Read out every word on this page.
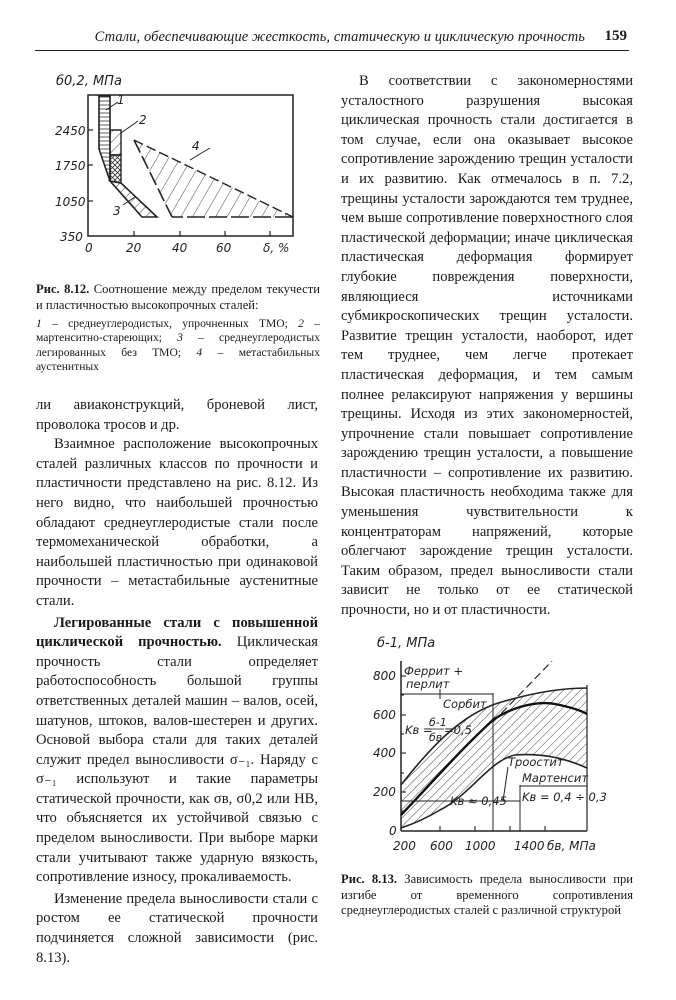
Стали, обеспечивающие жесткость, статическую и циклическую прочность 159
б0,2, МПа
2450
1750
1050
350
0	20	40 60	δ, %
1
2
3
4
Рис. 8.12. Соотношение между пределом текучести и пластичностью высокопрочных сталей:
1 – среднеуглеродистых, упрочненных ТМО; 2 – мартенситно-стареющих; 3 – среднеуглеродистых легированных без ТМО; 4 – метастабильных аустенитных

ли авиаконструкций, броневой лист, проволока тросов и др.

Взаимное расположение высокопрочных сталей различных классов по прочности и пластичности представлено на рис. 8.12. Из него видно, что наибольшей прочностью обладают среднеуглеродистые стали после термомеханической обработки, а наибольшей пластичностью при одинаковой прочности – метастабильные аустенитные стали.

Легированные стали с повышенной циклической прочностью. Циклическая прочность стали определяет работоспособность большой группы ответственных деталей машин – валов, осей, шатунов, штоков, валов-шестерен и других. Основой выбора стали для таких деталей служит предел выносливости σ₋₁. Наряду с σ₋₁ используют и такие параметры статической прочности, как σв, σ0,2 или HB, что объясняется их устойчивой связью с пределом выносливости. При выборе марки стали учитывают также ударную вязкость, сопротивление износу, прокаливаемость.

Изменение предела выносливости стали с ростом ее статической прочности подчиняется сложной зависимости (рис. 8.13).

В соответствии с закономерностями усталостного разрушения высокая циклическая прочность стали достигается в том случае, если она оказывает высокое сопротивление зарождению трещин усталости и их развитию. Как отмечалось в п. 7.2, трещины усталости зарождаются тем труднее, чем выше сопротивление поверхностного слоя пластической деформации; иначе циклическая пластическая деформация формирует глубокие повреждения поверхности, являющиеся источниками субмикроскопических трещин усталости. Развитие трещин усталости, наоборот, идет тем труднее, чем легче протекает пластическая деформация, и тем самым полнее релаксируют напряжения у вершины трещины. Исходя из этих закономерностей, упрочнение стали повышает сопротивление зарождению трещин усталости, а повышение пластичности – сопротивление их развитию. Высокая пластичность необходима также для уменьшения чувствительности к концентраторам напряжений, которые облегчают зарождение трещин усталости. Таким образом, предел выносливости стали зависит не только от ее статической прочности, но и от пластичности.

б-1, МПа
800
600
400
200
0
200 600 1000 1400 бв, МПа
Феррит +
перлит
Сорбит
Kв =
б-1
бв
=0,5
Kв ≈ 0,45
Троостит
Мартенсит
Kв = 0,4 ÷ 0,3
Рис. 8.13. Зависимость предела выносливости при изгибе от временного сопротивления среднеуглеродистых сталей с различной структурой
